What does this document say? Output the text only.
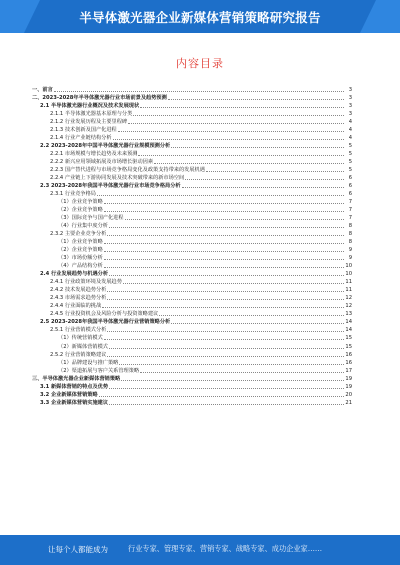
半导体激光器企业新媒体营销策略研究报告
内容目录
一、前言	3
二、2023-2028年半导体激光器行业市场前景及趋势预测	3
2.1 半导体激光器行业概况及技术发展现状	3
2.1.1 半导体激光器基本原理与分类	3
2.1.2 行业发展历程及主要里程碑	4
2.1.3 技术创新及国产化进程	4
2.1.4 行业产业链结构分析	4
2.2 2023-2028年中国半导体激光器行业规模预测分析	5
2.2.1 市场规模与增长趋势及未来预测	5
2.2.2 新兴应用领域拓展及市场增长驱动因素	5
2.2.3 国产替代进程与市场竞争格局变化及政策支持带来的发展机遇	5
2.2.4 产业链上下游协同发展及技术突破带来的新市场空间	6
2.3 2023-2028年我国半导体激光器行业市场竞争格局分析	6
2.3.1 行业竞争格局	6
（1）企业竞争策略	7
（2）企业竞争策略	7
（3）国际竞争与国产化进程	7
（4）行业集中度分析	8
2.3.2 主要企业竞争分析	8
（1）企业竞争策略	8
（2）企业竞争策略	9
（3）市场份额分析	9
（4）产品结构分析	10
2.4 行业发展趋势与机遇分析	10
2.4.1 行业政策环境及发展趋势	11
2.4.2 技术发展趋势分析	11
2.4.3 市场需求趋势分析	12
2.4.4 行业面临的挑战	12
2.4.5 行业投资机会及风险分析与投资策略建议	13
2.5 2023-2028年我国半导体激光器行业营销策略分析	14
2.5.1 行业营销模式分析	14
（1）传统营销模式	15
（2）新媒体营销模式	15
2.5.2 行业营销策略建议	16
（1）品牌建设与推广策略	16
（2）渠道拓展与客户关系管理策略	17
三、半导体激光器企业新媒体营销策略	19
3.1 新媒体营销的特点及优势	19
3.2 企业新媒体营销策略	20
3.3 企业新媒体营销实施建议	21
让每个人都能成为	行业专家、管理专家、营销专家、战略专家、成功企业家……
